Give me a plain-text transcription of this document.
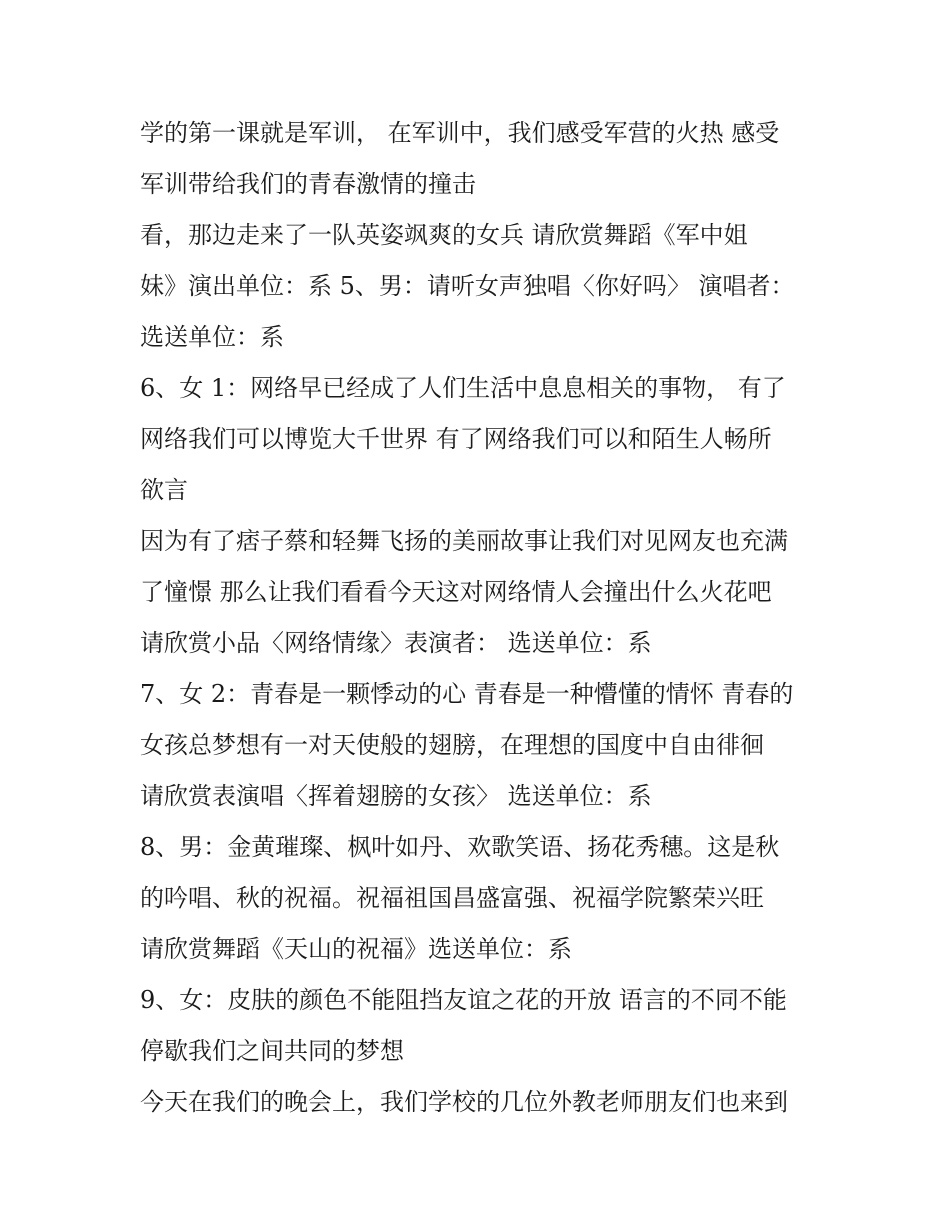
学的第一课就是军训， 在军训中，我们感受军营的火热 感受
军训带给我们的青春激情的撞击
看，那边走来了一队英姿飒爽的女兵 请欣赏舞蹈《军中姐
妹》演出单位：系 5、男：请听女声独唱〈你好吗〉 演唱者：
选送单位：系
6、女 1：网络早已经成了人们生活中息息相关的事物， 有了
网络我们可以博览大千世界 有了网络我们可以和陌生人畅所
欲言
因为有了痞子蔡和轻舞飞扬的美丽故事让我们对见网友也充满
了憧憬 那么让我们看看今天这对网络情人会撞出什么火花吧
请欣赏小品〈网络情缘〉表演者： 选送单位：系
7、女 2：青春是一颗悸动的心 青春是一种懵懂的情怀 青春的
女孩总梦想有一对天使般的翅膀，在理想的国度中自由徘徊
请欣赏表演唱〈挥着翅膀的女孩〉 选送单位：系
8、男：金黄璀璨、枫叶如丹、欢歌笑语、扬花秀穗。这是秋
的吟唱、秋的祝福。祝福祖国昌盛富强、祝福学院繁荣兴旺
请欣赏舞蹈《天山的祝福》选送单位：系
9、女：皮肤的颜色不能阻挡友谊之花的开放 语言的不同不能
停歇我们之间共同的梦想
今天在我们的晚会上，我们学校的几位外教老师朋友们也来到
